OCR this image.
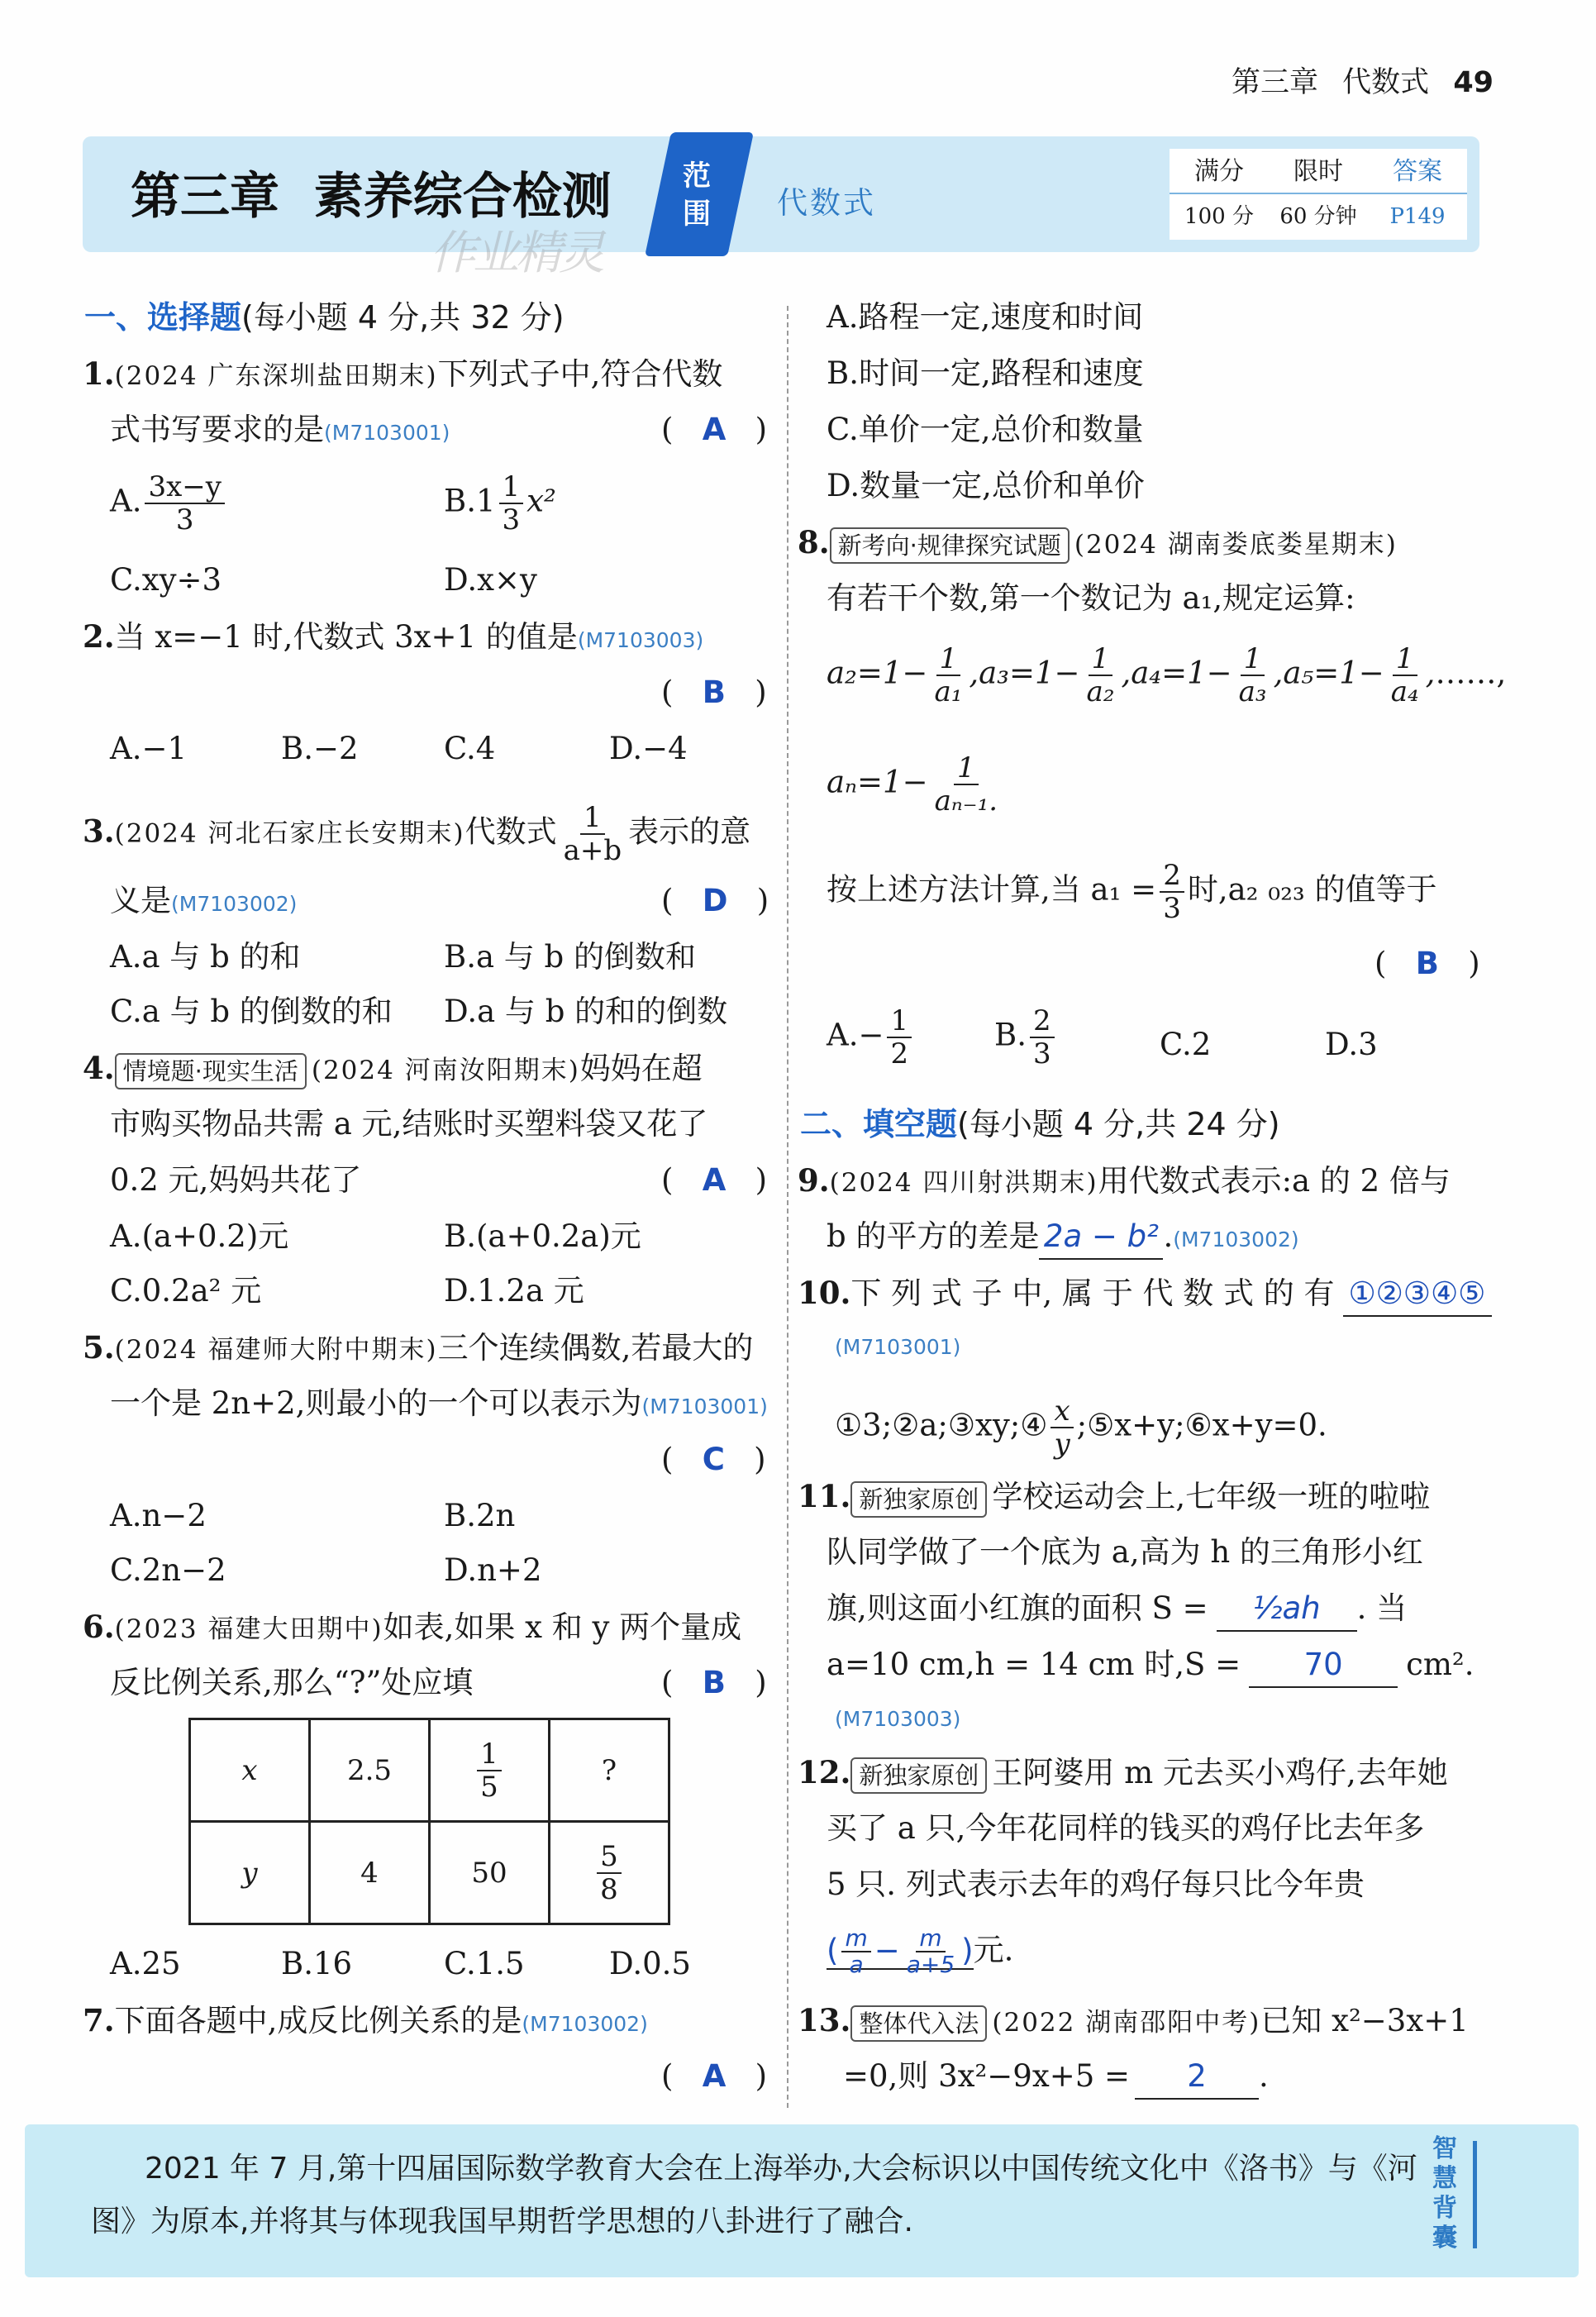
第三章 代数式 49
第三章  素养综合检测
作业精灵
范围 代数式
满分	限时	答案
100 分	60 分钟	P149
一、选择题(每小题 4 分,共 32 分)
1.(2024 广东深圳盐田期末)下列式子中,符合代数
式书写要求的是(M7103001)	(   A   )
A. $\frac{3x-y}{3}$	$B.1 \frac{1}{3} x^2$
C.xy÷3	D.x×y
2.当 x=−1 时,代数式 3x+1 的值是(M7103003)
(   B   )
A.−1	B.−2	C.4	D.−4
3.(2024 河北石家庄长安期末)代数式 $\frac{1}{a+b}$ 表示的意
义是(M7103002)	(   D   )
A.a 与 b 的和	B.a 与 b 的倒数和
C.a 与 b 的倒数的和 D.a 与 b 的和的倒数
4. 情境题·现实生活 (2024 河南汝阳期末)妈妈在超
市购买物品共需 a 元,结账时买塑料袋又花了
0.2 元,妈妈共花了	(   A   )
A.(a+0.2)元	B.(a+0.2a)元
C.0.2a² 元	D.1.2a 元
5.(2024 福建师大附中期末)三个连续偶数,若最大的
一个是 2n+2,则最小的一个可以表示为(M7103001)
(   C   )
A.n−2	B.2n
C.2n−2	D.n+2
6.(2023 福建大田期中)如表,如果 x 和 y 两个量成
反比例关系,那么“?”处应填	(   B   )
x	2.5	$\frac{1}{5}$	?
y	4	50	$\frac{5}{8}$
A.25	B.16	C.1.5	D.0.5
7.下面各题中,成反比例关系的是(M7103002)
(   A   )
A.路程一定,速度和时间
B.时间一定,路程和速度
C.单价一定,总价和数量
D.数量一定,总价和单价
8. 新考向·规律探究试题 (2024 湖南娄底娄星期末)
有若干个数,第一个数记为 a₁,规定运算:
$a_2=1- \frac{1}{\text{a₁}} ,a_3=1- \frac{1}{\text{a₂}} ,a_4=1- \frac{1}{\text{a₃}} ,a_5=1- \frac{1}{\text{a₄}}$ ,……,
$a_n=1- \frac{1}{\text{aₙ₋₁.}}$
按上述方法计算,当 $a_1 = \frac{2}{3}$ 时,a₂ ₀₂₃ 的值等于
(   B   )
$A.- \frac{1}{2}$	B. $\frac{2}{3}$	C.2	D.3
二、填空题(每小题 4 分,共 24 分)
9.(2024 四川射洪期末)用代数式表示:a 的 2 倍与
b 的平方的差是 2a − b² .(M7103002)
10.下 列 式 子 中, 属 于 代 数 式 的 有 ①②③④⑤
(M7103001)
①3;②a;③xy;④ $\frac{x}{y}$ ;⑤x+y;⑥x+y=0.
11. 新独家原创 学校运动会上,七年级一班的啦啦
队同学做了一个底为 a,高为 h 的三角形小红
旗,则这面小红旗的面积 S = ½ah . 当
a=10 cm,h = 14 cm 时,S = 70 cm².
(M7103003)
12. 新独家原创 王阿婆用 m 元去买小鸡仔,去年她
买了 a 只,今年花同样的钱买的鸡仔比去年多
5 只. 列式表示去年的鸡仔每只比今年贵
( $\frac{m}{a} - \frac{m}{a+5}$ )元.
13. 整体代入法 (2022 湖南邵阳中考)已知 x²−3x+1
=0,则 3x²−9x+5 = 2 .
2021 年 7 月,第十四届国际数学教育大会在上海举办,大会标识以中国传统文化中《洛书》与《河
图》为原本,并将其与体现我国早期哲学思想的八卦进行了融合.
智慧背囊
